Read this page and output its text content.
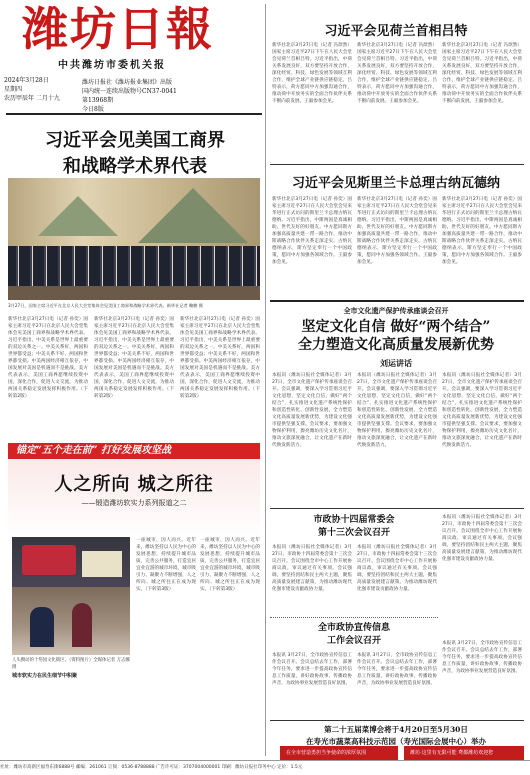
潍坊日報
中共潍坊市委机关报
2024年3月28日
星期四
农历甲辰年 二月十九
潍坊日报社《潍坊报业集团》出版
国内统一连续出版物号CN37-0041
第13968期
今日8版
习近平会见美国工商界
和战略学术界代表
3月27日，国家主席习近平在北京人民大会堂集体会见美国工商界和战略学术界代表。新华社记者 鞠鹏 摄
新华社北京3月27日电（记者 孙奕）国家主席习近平27日在北京人民大会堂集体会见美国工商界和战略学术界代表。习近平指出，中美关系是世界上最重要的双边关系之一。中美关系好，两国和世界都受益；中美关系不好，两国和世界都受损。中美两国经济相互依存，中国发展对美国是机遇而不是挑战。美方代表表示，美国工商界愿继续投资中国，深化合作，促进人文交流，为推动两国关系稳定发展发挥积极作用。（下转第2版）
新华社北京3月27日电（记者 孙奕）国家主席习近平27日在北京人民大会堂集体会见美国工商界和战略学术界代表。习近平指出，中美关系是世界上最重要的双边关系之一。中美关系好，两国和世界都受益；中美关系不好，两国和世界都受损。中美两国经济相互依存，中国发展对美国是机遇而不是挑战。美方代表表示，美国工商界愿继续投资中国，深化合作，促进人文交流，为推动两国关系稳定发展发挥积极作用。（下转第2版）
新华社北京3月27日电（记者 孙奕）国家主席习近平27日在北京人民大会堂集体会见美国工商界和战略学术界代表。习近平指出，中美关系是世界上最重要的双边关系之一。中美关系好，两国和世界都受益；中美关系不好，两国和世界都受损。中美两国经济相互依存，中国发展对美国是机遇而不是挑战。美方代表表示，美国工商界愿继续投资中国，深化合作，促进人文交流，为推动两国关系稳定发展发挥积极作用。（下转第2版）
锚定“五个走在前” 打好发展攻坚战
人之所向 城之所往
——锻造潍坊软实力系列报道之二
人头攒动的十笏园文化街区。（资料图片）全媒体记者 万志娜 摄
城市软实力在民生细节中积聚
一座城市，因人而兴。近年来，潍坊坚持以人民为中心的发展思想，持续提升城市品质，完善公共服务，打造宜居宜业宜游的城市环境，城市吸引力、凝聚力不断增强，人之所向、城之所往正在成为现实。（下转第3版）
一座城市，因人而兴。近年来，潍坊坚持以人民为中心的发展思想，持续提升城市品质，完善公共服务，打造宜居宜业宜游的城市环境，城市吸引力、凝聚力不断增强，人之所向、城之所往正在成为现实。（下转第3版）
习近平会见荷兰首相吕特
新华社北京3月27日电（记者 冯歆然）国家主席习近平27日下午在人民大会堂会见荷兰首相吕特。习近平指出，中荷关系发展良好，双方要坚持开放合作，深化经贸、科技、绿色发展等领域互利合作，维护全球产业链供应链稳定。吕特表示，荷方愿同中方加强沟通合作，推动荷中开放务实的全面合作伙伴关系不断向前发展。王毅参加会见。
新华社北京3月27日电（记者 冯歆然）国家主席习近平27日下午在人民大会堂会见荷兰首相吕特。习近平指出，中荷关系发展良好，双方要坚持开放合作，深化经贸、科技、绿色发展等领域互利合作，维护全球产业链供应链稳定。吕特表示，荷方愿同中方加强沟通合作，推动荷中开放务实的全面合作伙伴关系不断向前发展。王毅参加会见。
新华社北京3月27日电（记者 冯歆然）国家主席习近平27日下午在人民大会堂会见荷兰首相吕特。习近平指出，中荷关系发展良好，双方要坚持开放合作，深化经贸、科技、绿色发展等领域互利合作，维护全球产业链供应链稳定。吕特表示，荷方愿同中方加强沟通合作，推动荷中开放务实的全面合作伙伴关系不断向前发展。王毅参加会见。
习近平会见斯里兰卡总理古纳瓦德纳
新华社北京3月27日电（记者 孙奕）国家主席习近平27日在人民大会堂会见来华进行正式访问的斯里兰卡总理古纳瓦德纳。习近平指出，中斯两国是真诚相助、世代友好的好朋友。中方愿同斯方加强高质量共建一带一路合作，推动中斯战略合作伙伴关系走深走实。古纳瓦德纳表示，斯方坚定奉行一个中国政策，愿同中方加强各领域合作。王毅参加会见。
新华社北京3月27日电（记者 孙奕）国家主席习近平27日在人民大会堂会见来华进行正式访问的斯里兰卡总理古纳瓦德纳。习近平指出，中斯两国是真诚相助、世代友好的好朋友。中方愿同斯方加强高质量共建一带一路合作，推动中斯战略合作伙伴关系走深走实。古纳瓦德纳表示，斯方坚定奉行一个中国政策，愿同中方加强各领域合作。王毅参加会见。
新华社北京3月27日电（记者 孙奕）国家主席习近平27日在人民大会堂会见来华进行正式访问的斯里兰卡总理古纳瓦德纳。习近平指出，中斯两国是真诚相助、世代友好的好朋友。中方愿同斯方加强高质量共建一带一路合作，推动中斯战略合作伙伴关系走深走实。古纳瓦德纳表示，斯方坚定奉行一个中国政策，愿同中方加强各领域合作。王毅参加会见。
全市文化遗产保护传承座谈会召开
坚定文化自信 做好“两个结合”
全力塑造文化高质量发展新优势
刘运讲话
本报讯（潍坊日报社全媒体记者）3月27日，全市文化遗产保护传承座谈会召开。会议强调，要深入学习贯彻习近平文化思想，坚定文化自信，做好“两个结合”，扎实推进文化遗产系统性保护和创造性转化、创新性发展，全力塑造文化高质量发展新优势，为建设文化强市提供坚强支撑。会议要求，要加强文物保护利用，擦亮潍坊历史文化名片，推动文旅深度融合，让文化遗产在新时代焕发新活力。
本报讯（潍坊日报社全媒体记者）3月27日，全市文化遗产保护传承座谈会召开。会议强调，要深入学习贯彻习近平文化思想，坚定文化自信，做好“两个结合”，扎实推进文化遗产系统性保护和创造性转化、创新性发展，全力塑造文化高质量发展新优势，为建设文化强市提供坚强支撑。会议要求，要加强文物保护利用，擦亮潍坊历史文化名片，推动文旅深度融合，让文化遗产在新时代焕发新活力。
本报讯（潍坊日报社全媒体记者）3月27日，全市文化遗产保护传承座谈会召开。会议强调，要深入学习贯彻习近平文化思想，坚定文化自信，做好“两个结合”，扎实推进文化遗产系统性保护和创造性转化、创新性发展，全力塑造文化高质量发展新优势，为建设文化强市提供坚强支撑。会议要求，要加强文物保护利用，擦亮潍坊历史文化名片，推动文旅深度融合，让文化遗产在新时代焕发新活力。
市政协十四届常委会
第十三次会议召开
本报讯（潍坊日报社全媒体记者）3月27日，市政协十四届常委会第十三次会议召开。会议围绕全市中心工作开展协商议政，审议通过有关事项。会议强调，要坚持团结和民主两大主题，聚焦高质量发展建言献策，为推动潍坊现代化强市建设贡献政协力量。
本报讯（潍坊日报社全媒体记者）3月27日，市政协十四届常委会第十三次会议召开。会议围绕全市中心工作开展协商议政，审议通过有关事项。会议强调，要坚持团结和民主两大主题，聚焦高质量发展建言献策，为推动潍坊现代化强市建设贡献政协力量。
本报讯（潍坊日报社全媒体记者）3月27日，市政协十四届常委会第十三次会议召开。会议围绕全市中心工作开展协商议政，审议通过有关事项。会议强调，要坚持团结和民主两大主题，聚焦高质量发展建言献策，为推动潍坊现代化强市建设贡献政协力量。
全市政协宣传信息
工作会议召开
本报讯 3月27日，全市政协宣传信息工作会议召开。会议总结去年工作，部署今年任务，要求进一步提高政协宣传信息工作质量，讲好政协故事，传播政协声音，为政协事业发展营造良好氛围。
本报讯 3月27日，全市政协宣传信息工作会议召开。会议总结去年工作，部署今年任务，要求进一步提高政协宣传信息工作质量，讲好政协故事，传播政协声音，为政协事业发展营造良好氛围。
本报讯 3月27日，全市政协宣传信息工作会议召开。会议总结去年工作，部署今年任务，要求进一步提高政协宣传信息工作质量，讲好政协故事，传播政协声音，为政协事业发展营造良好氛围。
第二十五届菜博会将于4月20日至5月30日
在寿光市蔬菜高科技示范园（寿光国际会展中心）举办
在全市营造勇担当争使命的浓厚氛围	潍坊·这里有无限可能 鸢都潍坊欢迎您
社址：潍坊市高新区福寿东街6888号 邮编：261061 订阅：0536-8788888 广告许可证：3707004000001 印刷：潍坊日报社印务中心 定价：1.5元
